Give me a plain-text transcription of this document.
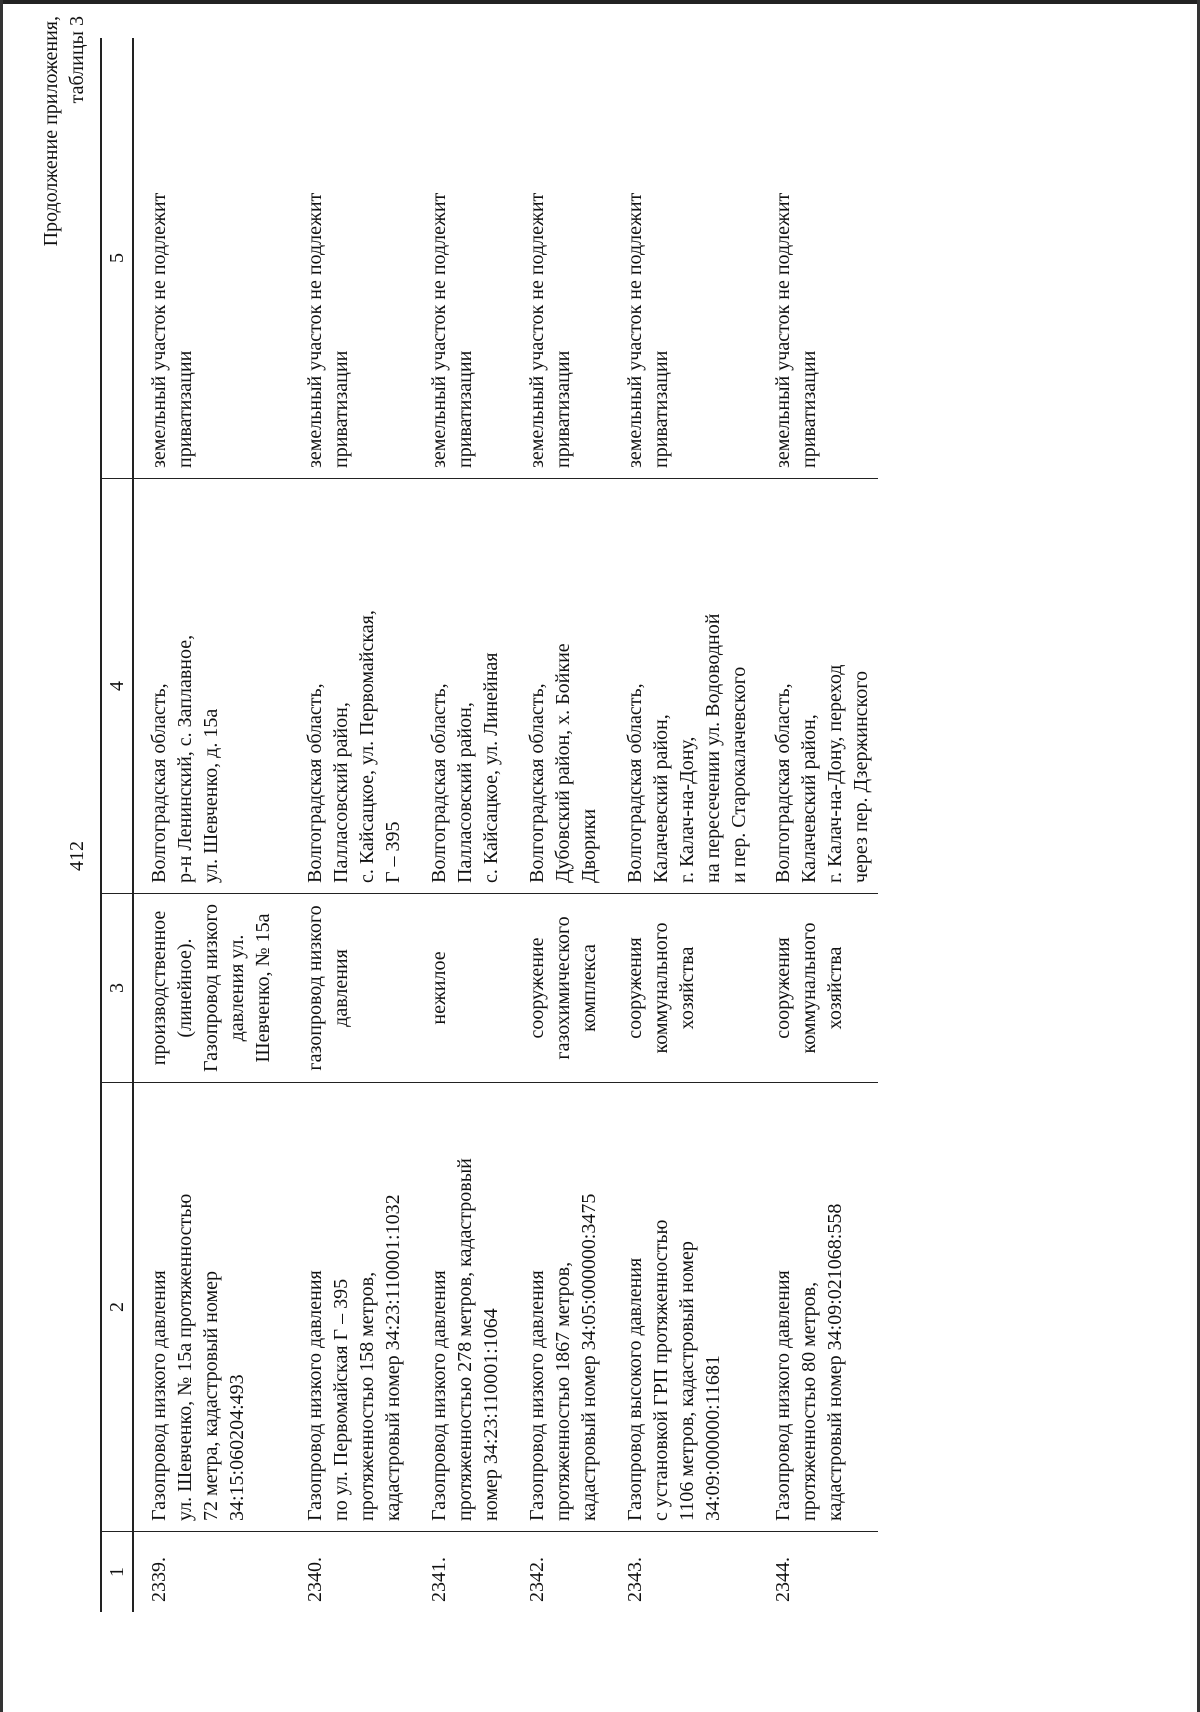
412
Продолжение приложения, таблицы 3
1	2	3	4	5
2339.	Газопровод низкого давления ул. Шевченко, № 15а протяженностью 72 метра, кадастровый номер 34:15:060204:493	производственное (линейное). Газопровод низкого давления ул. Шевченко, № 15а	Волгоградская область, р-н Ленинский, с. Заплавное, ул. Шевченко, д. 15а	земельный участок не подлежит приватизации

2340.	Газопровод низкого давления по ул. Первомайская Г – 395 протяженностью 158 метров, кадастровый номер 34:23:110001:1032	газопровод низкого давления	Волгоградская область, Палласовский район, с. Кайсацкое, ул. Первомайская, Г – 395	земельный участок не подлежит приватизации

2341.	Газопровод низкого давления протяженностью 278 метров, кадастровый номер 34:23:110001:1064	нежилое	Волгоградская область, Палласовский район, с. Кайсацкое, ул. Линейная	земельный участок не подлежит приватизации

2342.	Газопровод низкого давления протяженностью 1867 метров, кадастровый номер 34:05:000000:3475	сооружение газохимического комплекса	Волгоградская область, Дубовский район, х. Бойкие Дворики	земельный участок не подлежит приватизации

2343.	Газопровод высокого давления с установкой ГРП протяженностью 1106 метров, кадастровый номер 34:09:000000:11681	сооружения коммунального хозяйства	Волгоградская область, Калачевский район, г. Калач-на-Дону, на пересечении ул. Водоводной и пер. Старокалачевского	земельный участок не подлежит приватизации

2344.	Газопровод низкого давления протяженностью 80 метров, кадастровый номер 34:09:021068:558	сооружения коммунального хозяйства	Волгоградская область, Калачевский район, г. Калач-на-Дону, переход через пер. Дзержинского	земельный участок не подлежит приватизации
